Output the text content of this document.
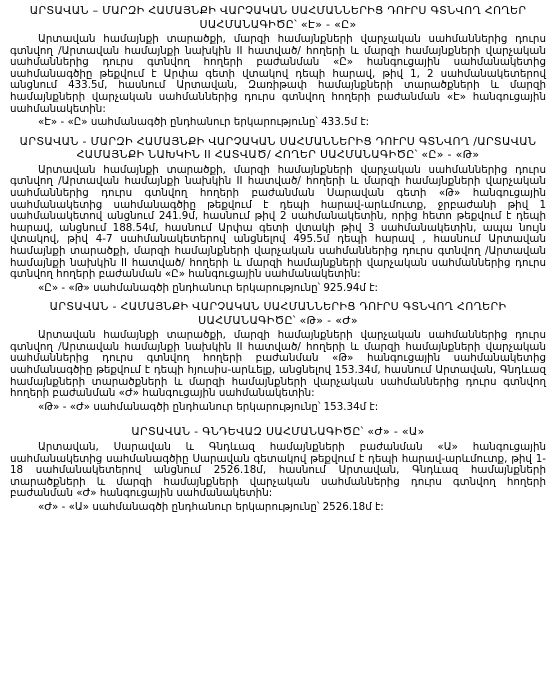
ԱՐՏԱՎԱՆ – ՄԱՐԶԻ ՀԱՄԱՅՆՔԻ ՎԱՐՉԱԿԱՆ ՍԱՀՄԱՆՆԵՐԻՑ ԴՈՒՐՍ ԳՏՆՎՈՂ ՀՈՂԵՐ ՍԱՀՄԱՆԱԳԻԾԸ՝ «Է» - «Ը»

Արտավան համայնքի տարածքի, մարզի համայնքների վարչական սահմաններից դուրս գտնվող /Արտավան համայնքի նախկին II հատված/ հողերի և մարզի համայնքների վարչական սահմաններից դուրս գտնվող հողերի բաժանման «Ը» հանգուցային սահմանակետից սահմանագծիը թեքվում է Արփա գետի վտակով դեպի հարավ, թիվ 1, 2 սահմանակետերով անցնում 433.5մ, հասնում Արտավան, Զառիթափ համայնքների տարածքների և մարզի համայնքների վարչական սահմաններից դուրս գտնվող հողերի բաժանման «Է» հանգուցային սահմանակետին:

«Է» - «Ը» սահմանագծի ընդհանուր երկարությունը՝ 433.5մ է:
ԱՐՏԱՎԱՆ - ՄԱՐԶԻ ՀԱՄԱՅՆՔԻ ՎԱՐՉԱԿԱՆ ՍԱՀՄԱՆՆԵՐԻՑ ԴՈՒՐՍ ԳՏՆՎՈՂ /ԱՐՏԱՎԱՆ ՀԱՄԱՅՆՔԻ ՆԱԽԿԻՆ II ՀԱՏՎԱԾ/ ՀՈՂԵՐ ՍԱՀՄԱՆԱԳԻԾԸ՝ «Ը» - «Թ»

Արտավան համայնքի տարածքի, մարզի համայնքների վարչական սահմաններից դուրս գտնվող /Արտավան համայնքի նախկին II հատված/ հողերի և մարզի համայնքների վարչական սահմաններից դուրս գտնվող հողերի բաժանման Սարավան գետի «Թ» հանգուցային սահմանակետից սահմանագծիը թեքվում է դեպի հարավ-արևմուտք, ջրբաժանի թիվ 1 սահմանակետով անցնում 241.9մ, հասնում թիվ 2 սահմանակետին, որից հետո թեքվում է դեպի հարավ, անցնում 188.54մ, հասնում Արփա գետի վտակի թիվ 3 սահմանակետին, ապա նույն վտակով, թիվ 4-7 սահմանակետերով անցնելով 495.5մ դեպի հարավ , հասնում Արտավան համայնքի տարածքի, մարզի համայնքների վարչական սահմաններից դուրս գտնվող /Արտավան համայնքի նախկին II հատված/ հողերի և մարզի համայնքների վարչական սահմաններից դուրս գտնվող հողերի բաժանման «Ը» հանգուցային սահմանակետին:

«Ը» - «Թ» սահմանագծի ընդհանուր երկարությունը՝ 925.94մ է:
ԱՐՏԱՎԱՆ - ՀԱՄԱՅՆՔԻ ՎԱՐՉԱԿԱՆ ՍԱՀՄԱՆՆԵՐԻՑ ԴՈՒՐՍ ԳՏՆՎՈՂ ՀՈՂԵՐԻ ՍԱՀՄԱՆԱԳԻԾԸ՝ «Թ» - «Ժ»

Արտավան համայնքի տարածքի, մարզի համայնքների վարչական սահմաններից դուրս գտնվող /Արտավան համայնքի նախկին II հատված/ հողերի և մարզի համայնքների վարչական սահմաններից դուրս գտնվող հողերի բաժանման «Թ» հանգուցային սահմանակետից սահմանագծիը թեքվում է դեպի հյուսիս-արևելք, անցնելով 153.34մ, հասնում Արտավան, Գնդևազ համայնքների տարածքների և մարզի համայնքների վարչական սահմաններից դուրս գտնվող հողերի բաժանման «Ժ» հանգուցային սահմանակետին:

«Թ» - «Ժ» սահմանագծի ընդհանուր երկարությունը՝ 153.34մ է:
ԱՐՏԱՎԱՆ - ԳՆԴԵՎԱԶ ՍԱՀՄԱՆԱԳԻԾԸ՝ «Ժ» - «Ա»

Արտավան, Սարավան և Գնդևազ համայնքների բաժանման «Ա» հանգուցային սահմանակետից սահմանագծիը Սարավան գետակով թեքվում է դեպի հարավ-արևմուտք, թիվ 1-18 սահմանակետերով անցնում 2526.18մ, հասնում Արտավան, Գնդևազ համայնքների տարածքների և մարզի համայնքների վարչական սահմաններից դուրս գտնվող հողերի բաժանման «Ժ» հանգուցային սահմանակետին:

«Ժ» - «Ա» սահմանագծի ընդհանուր երկարությունը՝ 2526.18մ է:
